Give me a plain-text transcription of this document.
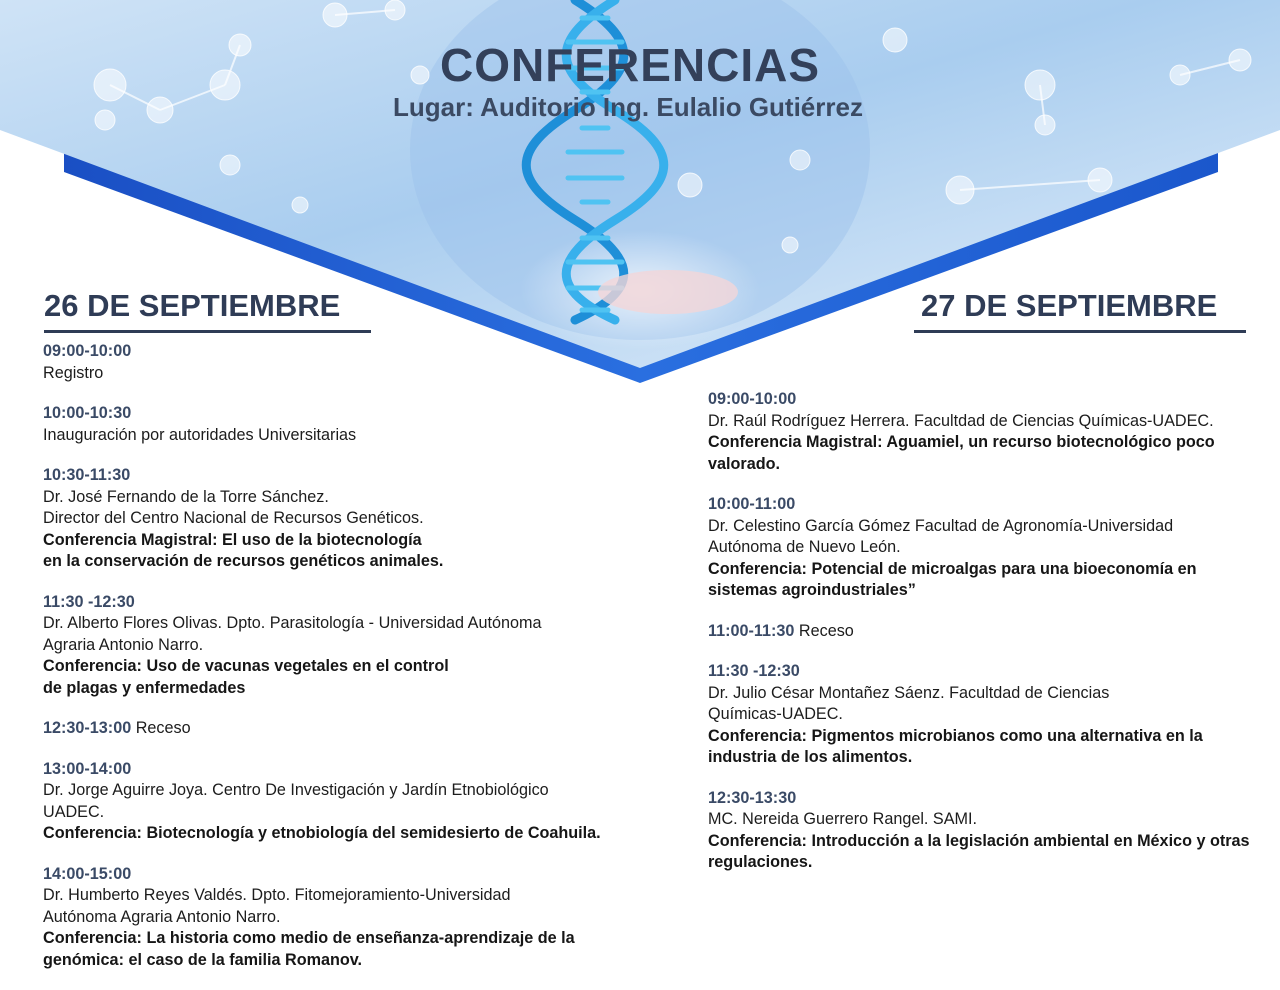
CONFERENCIAS
Lugar: Auditorio Ing. Eulalio Gutiérrez
26 DE SEPTIEMBRE	27 DE SEPTIEMBRE
09:00-10:00
Registro
10:00-10:30
Inauguración por autoridades Universitarias
10:30-11:30
Dr. José Fernando de la Torre Sánchez.
Director del Centro Nacional de Recursos Genéticos.
Conferencia Magistral: El uso de la biotecnología
en la conservación de recursos genéticos animales.
11:30 -12:30
Dr. Alberto Flores Olivas. Dpto. Parasitología - Universidad Autónoma
Agraria Antonio Narro.
Conferencia: Uso de vacunas vegetales en el control
de plagas y enfermedades
12:30-13:00 Receso
13:00-14:00
Dr. Jorge Aguirre Joya. Centro De Investigación y Jardín Etnobiológico
UADEC.
Conferencia: Biotecnología y etnobiología del semidesierto de Coahuila.
14:00-15:00
Dr. Humberto Reyes Valdés. Dpto. Fitomejoramiento-Universidad
Autónoma Agraria Antonio Narro.
Conferencia: La historia como medio de enseñanza-aprendizaje de la
genómica: el caso de la familia Romanov.
09:00-10:00
Dr. Raúl Rodríguez Herrera. Facultdad de Ciencias Químicas-UADEC.
Conferencia Magistral: Aguamiel, un recurso biotecnológico poco
valorado.
10:00-11:00
Dr. Celestino García Gómez Facultad de Agronomía-Universidad
Autónoma de Nuevo León.
Conferencia: Potencial de microalgas para una bioeconomía en
sistemas agroindustriales”
11:00-11:30 Receso
11:30 -12:30
Dr. Julio César Montañez Sáenz. Facultdad de Ciencias
Químicas-UADEC.
Conferencia: Pigmentos microbianos como una alternativa en la
industria de los alimentos.
12:30-13:30
MC. Nereida Guerrero Rangel. SAMI.
Conferencia: Introducción a la legislación ambiental en México y otras
regulaciones.
